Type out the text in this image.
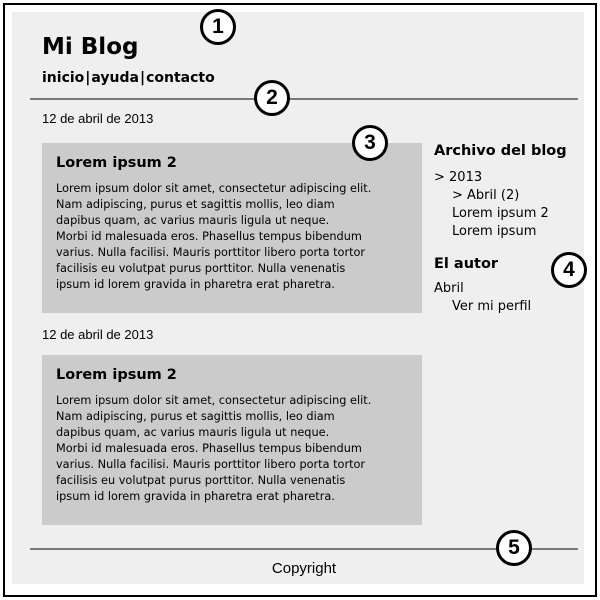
Mi Blog
inicio|ayuda|contacto
12 de abril de 2013
Lorem ipsum 2

Lorem ipsum dolor sit amet, consectetur adipiscing elit.
Nam adipiscing, purus et sagittis mollis, leo diam
dapibus quam, ac varius mauris ligula ut neque.
Morbi id malesuada eros. Phasellus tempus bibendum
varius. Nulla facilisi. Mauris porttitor libero porta tortor
facilisis eu volutpat purus porttitor. Nulla venenatis
ipsum id lorem gravida in pharetra erat pharetra.

12 de abril de 2013
Lorem ipsum 2

Lorem ipsum dolor sit amet, consectetur adipiscing elit.
Nam adipiscing, purus et sagittis mollis, leo diam
dapibus quam, ac varius mauris ligula ut neque.
Morbi id malesuada eros. Phasellus tempus bibendum
varius. Nulla facilisi. Mauris porttitor libero porta tortor
facilisis eu volutpat purus porttitor. Nulla venenatis
ipsum id lorem gravida in pharetra erat pharetra.

Archivo del blog
> 2013
> Abril (2)
Lorem ipsum 2
Lorem ipsum
El autor
Abril
Ver mi perfil
Copyright
1
2
3
4
5
